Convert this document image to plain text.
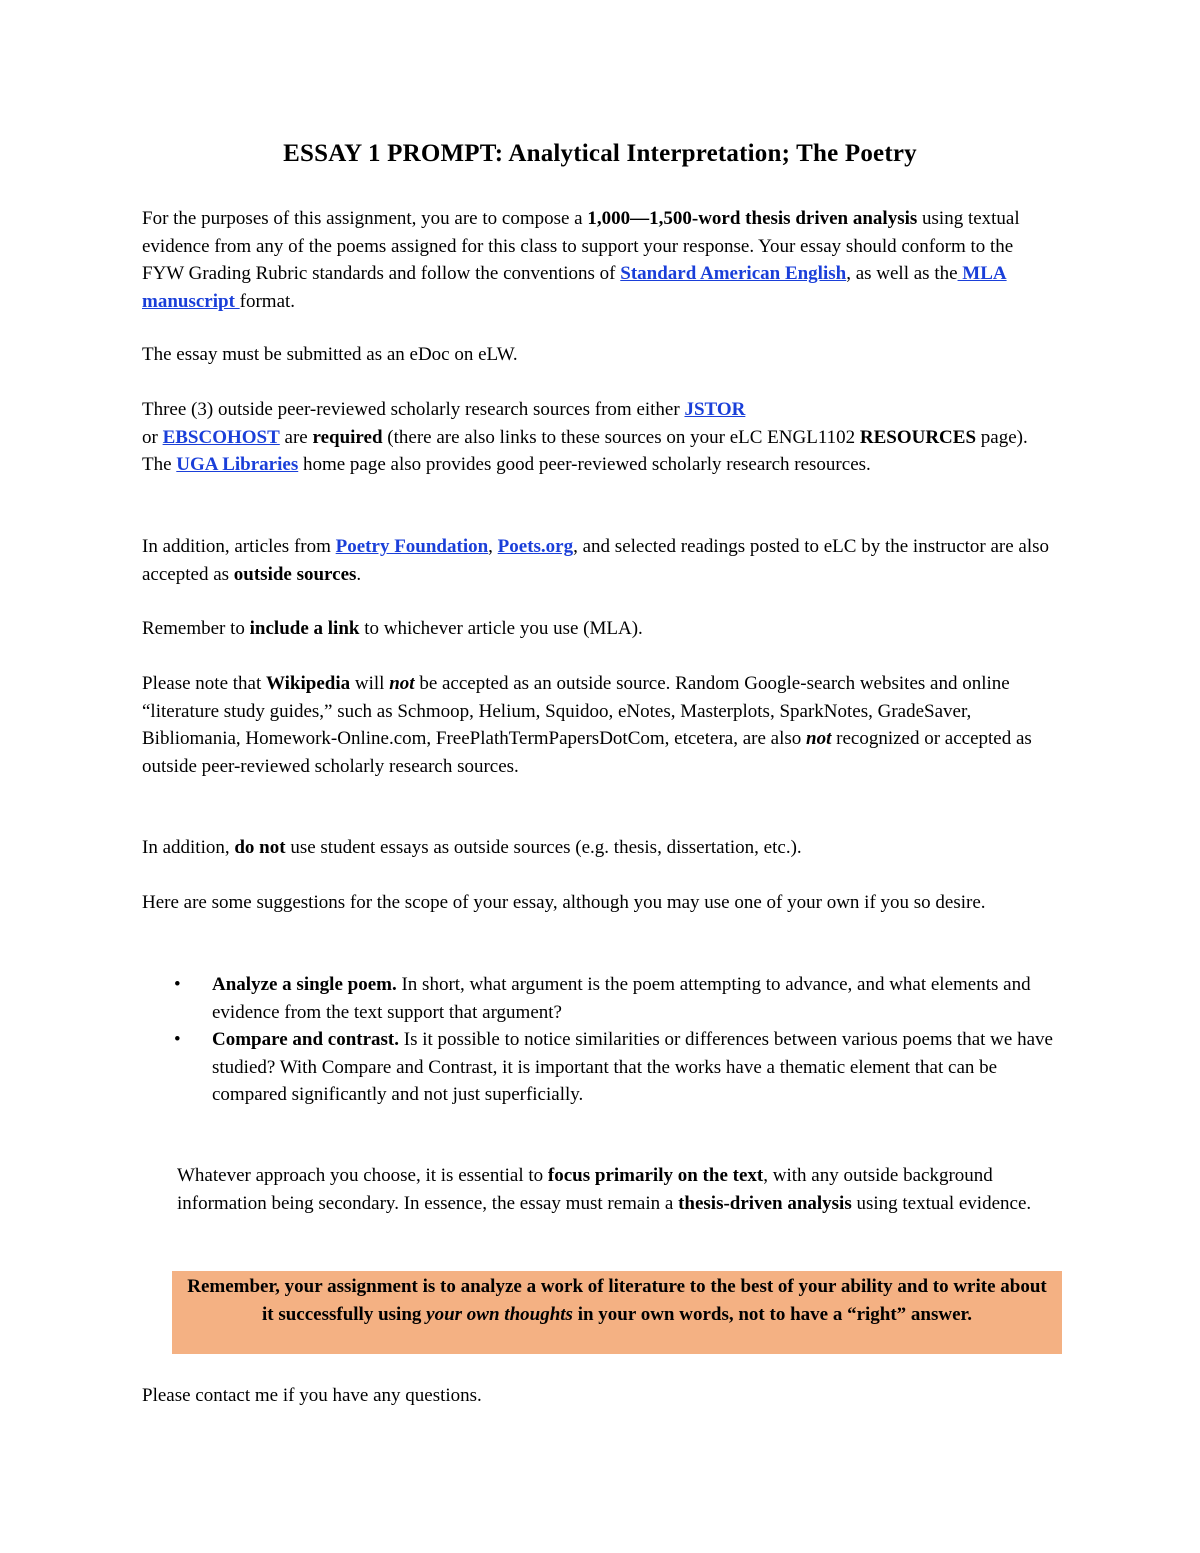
ESSAY 1 PROMPT: Analytical Interpretation; The Poetry

For the purposes of this assignment, you are to compose a 1,000—1,500-word thesis driven analysis using textual evidence from any of the poems assigned for this class to support your response. Your essay should conform to the FYW Grading Rubric standards and follow the conventions of Standard American English, as well as the MLA manuscript format.

The essay must be submitted as an eDoc on eLW.

Three (3) outside peer-reviewed scholarly research sources from either JSTOR
or EBSCOHOST are required (there are also links to these sources on your eLC ENGL1102 RESOURCES page). The UGA Libraries home page also provides good peer-reviewed scholarly research resources.

In addition, articles from Poetry Foundation, Poets.org, and selected readings posted to eLC by the instructor are also accepted as outside sources.

Remember to include a link to whichever article you use (MLA).

Please note that Wikipedia will not be accepted as an outside source. Random Google-search websites and online “literature study guides,” such as Schmoop, Helium, Squidoo, eNotes, Masterplots, SparkNotes, GradeSaver, Bibliomania, Homework-Online.com, FreePlathTermPapersDotCom, etcetera, are also not recognized or accepted as outside peer-reviewed scholarly research sources.

In addition, do not use student essays as outside sources (e.g. thesis, dissertation, etc.).

Here are some suggestions for the scope of your essay, although you may use one of your own if you so desire.

• Analyze a single poem. In short, what argument is the poem attempting to advance, and what elements and evidence from the text support that argument?
• Compare and contrast. Is it possible to notice similarities or differences between various poems that we have studied? With Compare and Contrast, it is important that the works have a thematic element that can be compared significantly and not just superficially.

Whatever approach you choose, it is essential to focus primarily on the text, with any outside background information being secondary. In essence, the essay must remain a thesis-driven analysis using textual evidence.

Remember, your assignment is to analyze a work of literature to the best of your ability and to write about it successfully using your own thoughts in your own words, not to have a “right” answer.

Please contact me if you have any questions.
